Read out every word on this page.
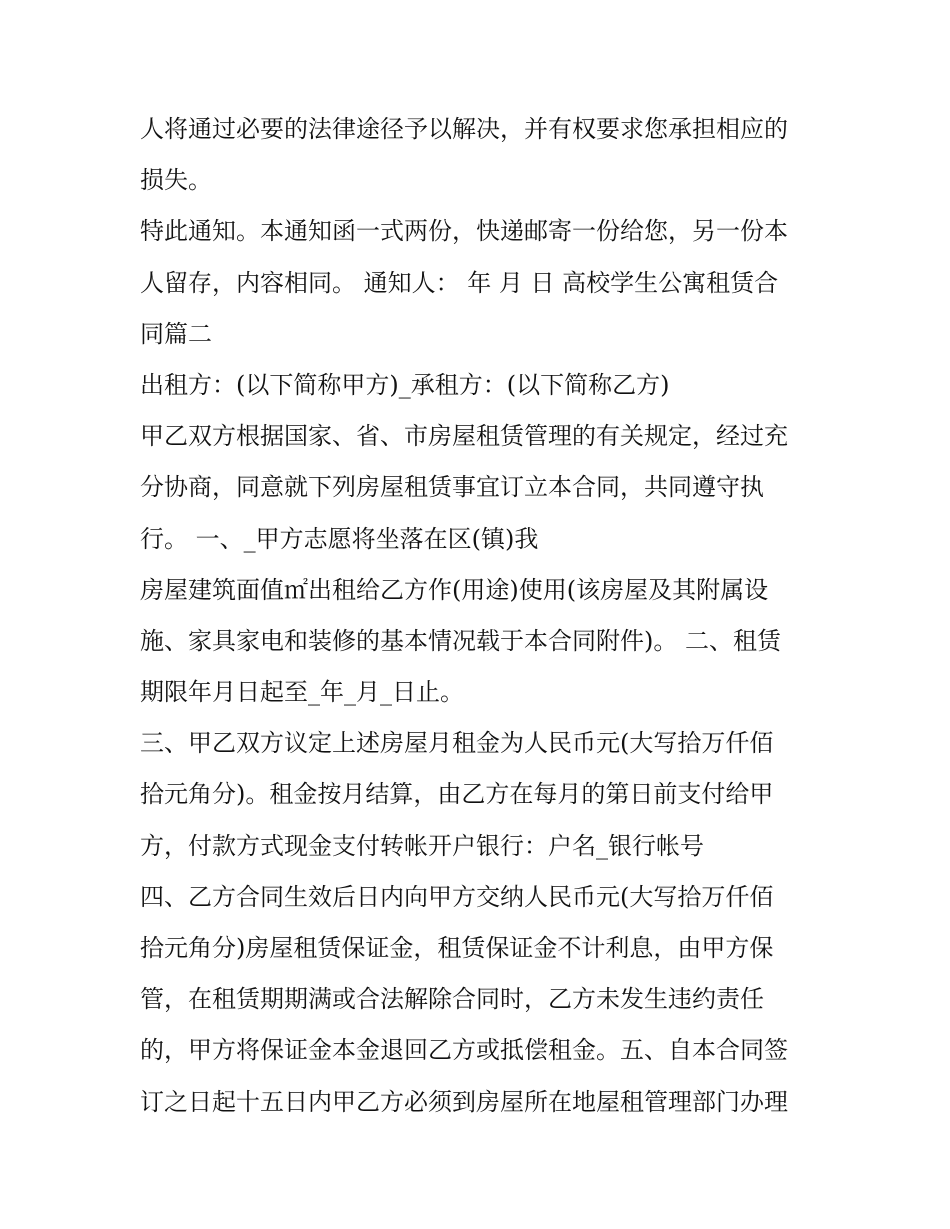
人将通过必要的法律途径予以解决，并有权要求您承担相应的
损失。
特此通知。本通知函一式两份，快递邮寄一份给您，另一份本
人留存，内容相同。 通知人： 年 月 日 高校学生公寓租赁合
同篇二
出租方：(以下简称甲方)_承租方：(以下简称乙方)
甲乙双方根据国家、省、市房屋租赁管理的有关规定，经过充
分协商，同意就下列房屋租赁事宜订立本合同，共同遵守执
行。 一、_甲方志愿将坐落在区(镇)我
房屋建筑面值㎡出租给乙方作(用途)使用(该房屋及其附属设
施、家具家电和装修的基本情况载于本合同附件)。 二、租赁
期限年月日起至_年_月_日止。
三、甲乙双方议定上述房屋月租金为人民币元(大写拾万仟佰
拾元角分)。租金按月结算，由乙方在每月的第日前支付给甲
方，付款方式现金支付转帐开户银行：户名_银行帐号
四、乙方合同生效后日内向甲方交纳人民币元(大写拾万仟佰
拾元角分)房屋租赁保证金，租赁保证金不计利息，由甲方保
管，在租赁期期满或合法解除合同时，乙方未发生违约责任
的，甲方将保证金本金退回乙方或抵偿租金。五、自本合同签
订之日起十五日内甲乙方必须到房屋所在地屋租管理部门办理
